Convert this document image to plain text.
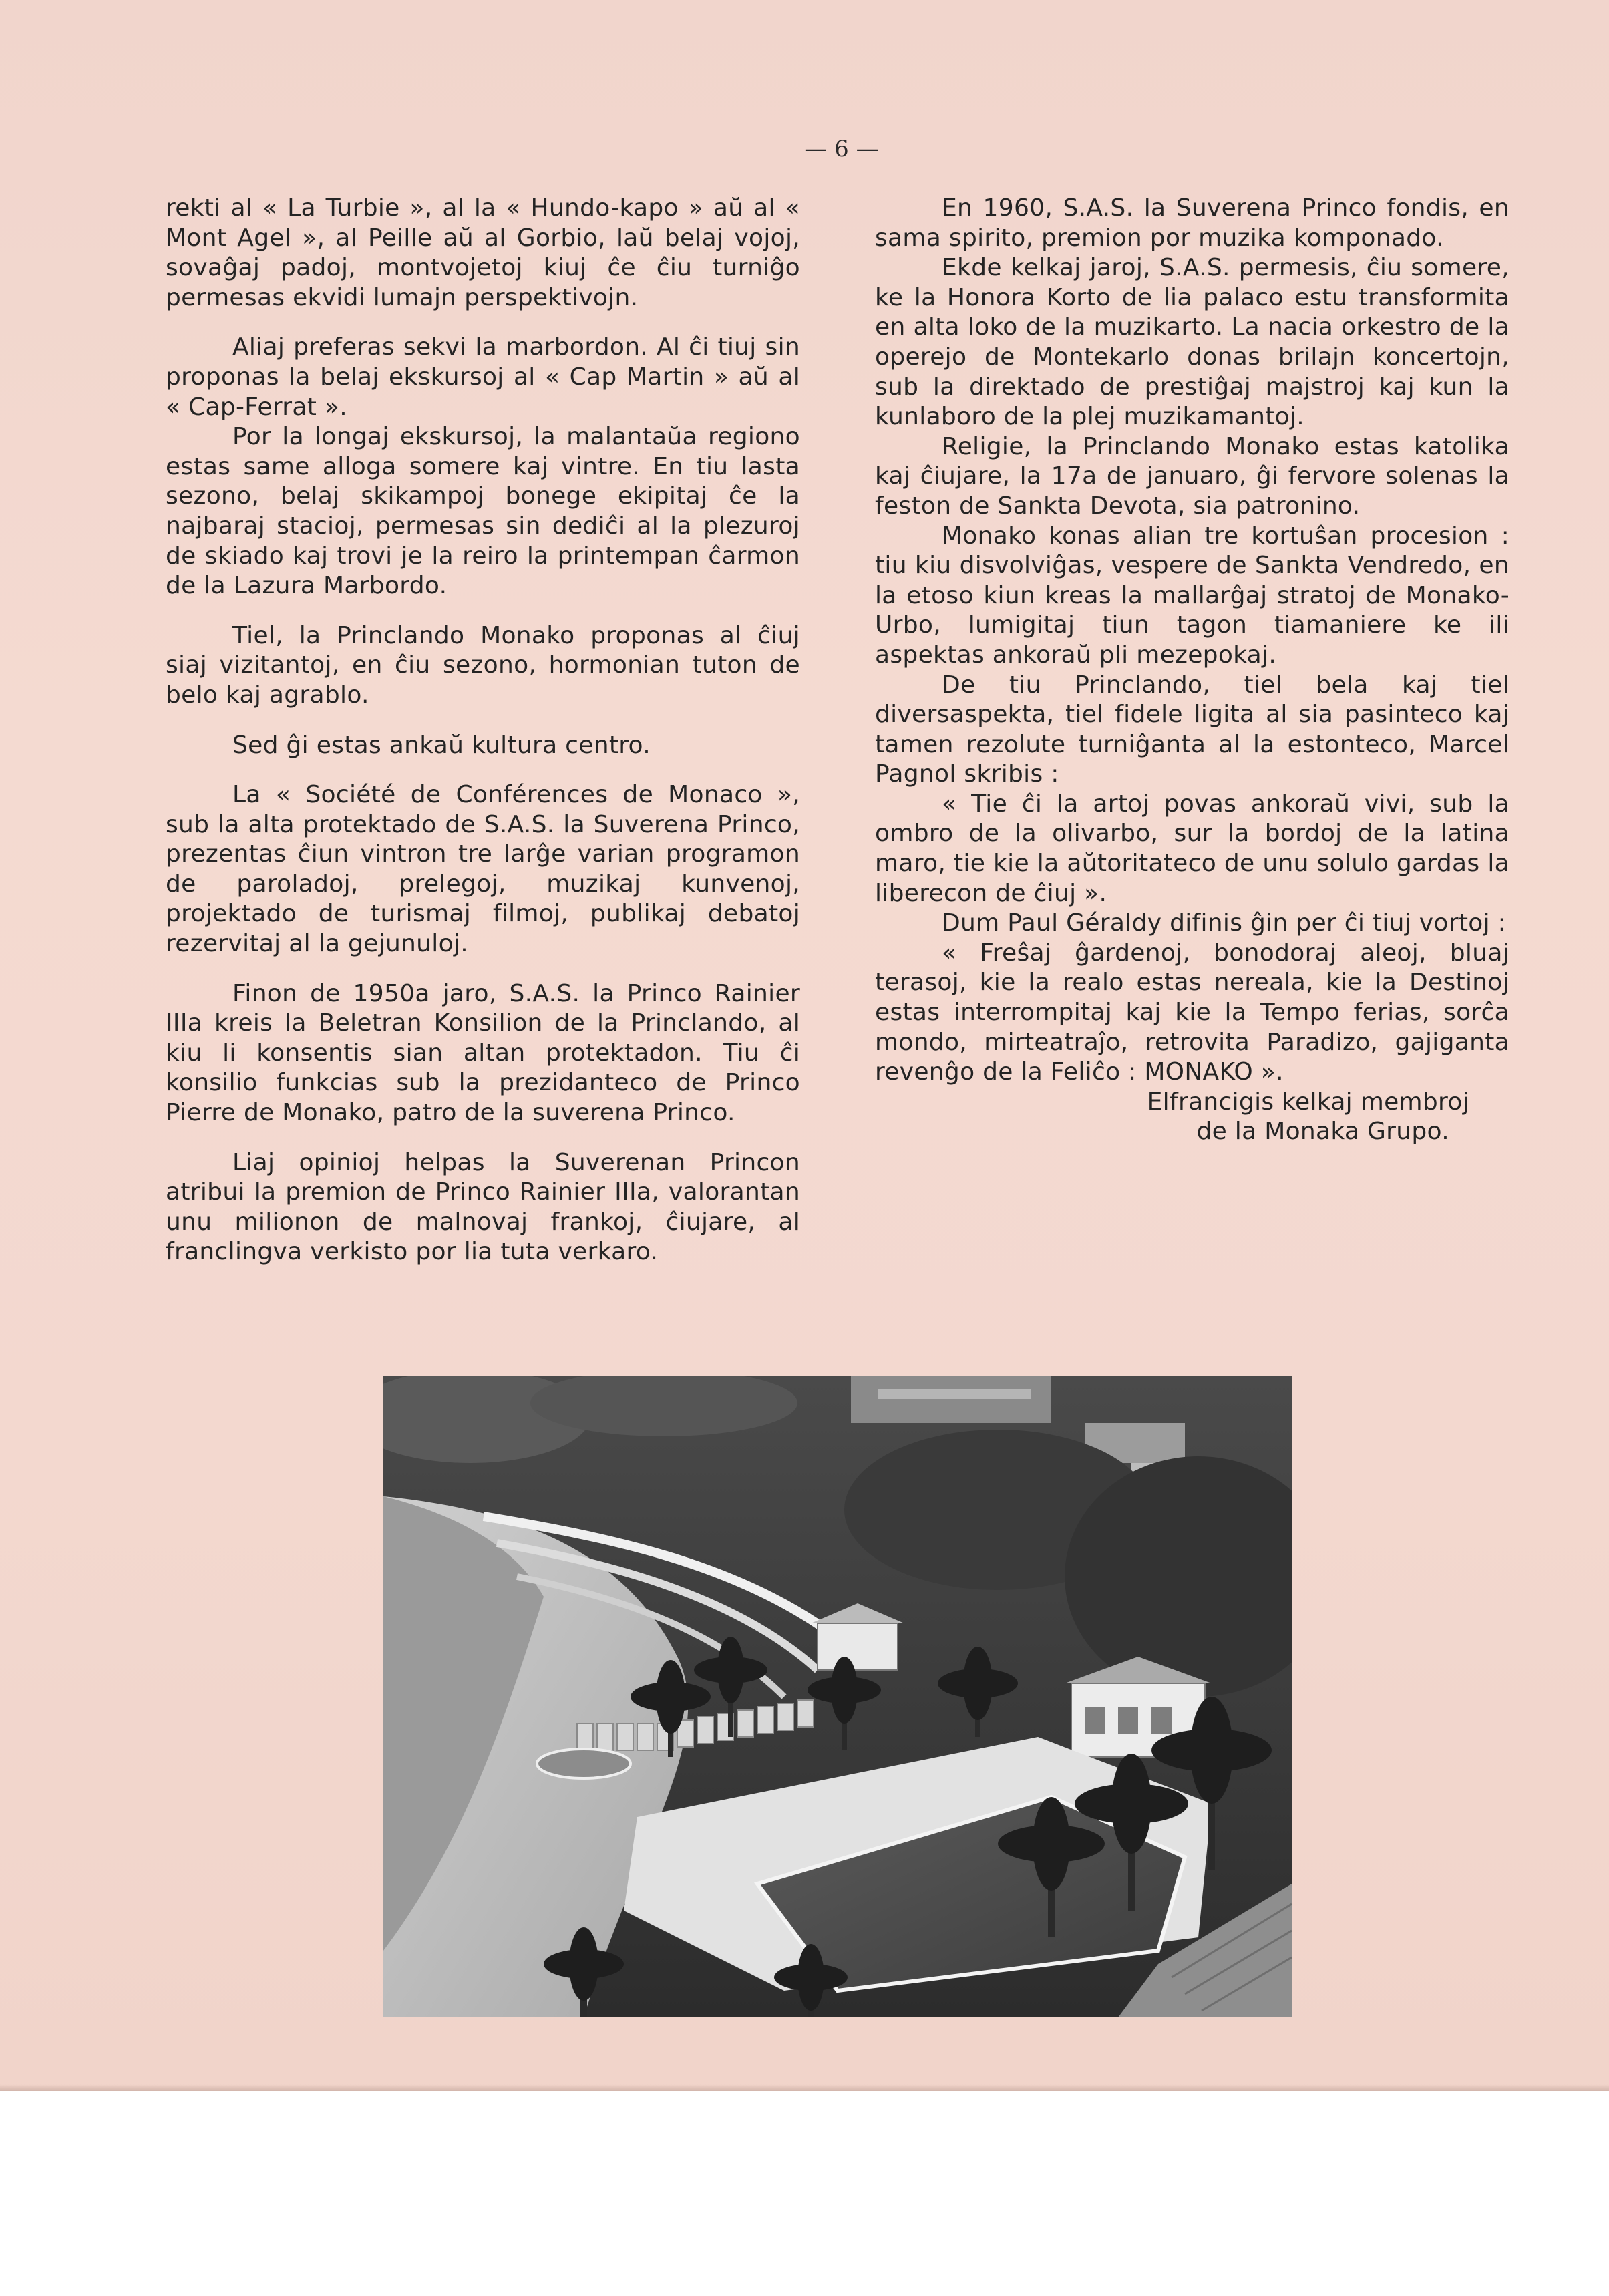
— 6 —

rekti al « La Turbie », al la « Hundo-kapo » aŭ al « Mont Agel », al Peille aŭ al Gorbio, laŭ belaj vojoj, sovaĝaj padoj, montvojetoj kiuj ĉe ĉiu turniĝo permesas ekvidi lumajn perspektivojn.

Aliaj preferas sekvi la marbordon. Al ĉi tiuj sin proponas la belaj ekskursoj al « Cap Martin » aŭ al « Cap-Ferrat ».

Por la longaj ekskursoj, la malantaŭa regiono estas same alloga somere kaj vintre. En tiu lasta sezono, belaj skikampoj bonege ekipitaj ĉe la najbaraj stacioj, permesas sin dediĉi al la plezuroj de skiado kaj trovi je la reiro la printempan ĉarmon de la Lazura Marbordo.

Tiel, la Princlando Monako proponas al ĉiuj siaj vizitantoj, en ĉiu sezono, hormonian tuton de belo kaj agrablo.

Sed ĝi estas ankaŭ kultura centro.

La « Société de Conférences de Monaco », sub la alta protektado de S.A.S. la Suverena Princo, prezentas ĉiun vintron tre larĝe varian programon de paroladoj, prelegoj, muzikaj kunvenoj, projektado de turismaj filmoj, publikaj debatoj rezervitaj al la gejunuloj.

Finon de 1950a jaro, S.A.S. la Princo Rainier IIIa kreis la Beletran Konsilion de la Princlando, al kiu li konsentis sian altan protektadon. Tiu ĉi konsilio funkcias sub la prezidanteco de Princo Pierre de Monako, patro de la suverena Princo.

Liaj opinioj helpas la Suverenan Princon atribui la premion de Princo Rainier IIIa, valorantan unu milionon de malnovaj frankoj, ĉiujare, al franclingva verkisto por lia tuta verkaro.

En 1960, S.A.S. la Suverena Princo fondis, en sama spirito, premion por muzika komponado.

Ekde kelkaj jaroj, S.A.S. permesis, ĉiu somere, ke la Honora Korto de lia palaco estu transformita en alta loko de la muzikarto. La nacia orkestro de la operejo de Montekarlo donas brilajn koncertojn, sub la direktado de prestiĝaj majstroj kaj kun la kunlaboro de la plej muzikamantoj.

Religie, la Princlando Monako estas katolika kaj ĉiujare, la 17a de januaro, ĝi fervore solenas la feston de Sankta Devota, sia patronino.

Monako konas alian tre kortuŝan procesion : tiu kiu disvolviĝas, vespere de Sankta Vendredo, en la etoso kiun kreas la mallarĝaj stratoj de Monako-Urbo, lumigitaj tiun tagon tiamaniere ke ili aspektas ankoraŭ pli mezepokaj.

De tiu Princlando, tiel bela kaj tiel diversaspekta, tiel fidele ligita al sia pasinteco kaj tamen rezolute turniĝanta al la estonteco, Marcel Pagnol skribis :

« Tie ĉi la artoj povas ankoraŭ vivi, sub la ombro de la olivarbo, sur la bordoj de la latina maro, tie kie la aŭtoritateco de unu solulo gardas la liberecon de ĉiuj ».

Dum Paul Géraldy difinis ĝin per ĉi tiuj vortoj :

« Freŝaj ĝardenoj, bonodoraj aleoj, bluaj terasoj, kie la realo estas nereala, kie la Destinoj estas interrompitaj kaj kie la Tempo ferias, sorĉa mondo, mirteatraĵo, retrovita Paradizo, gajiganta revenĝo de la Feliĉo : MONAKO ».

Elfrancigis kelkaj membroj

de la Monaka Grupo.
